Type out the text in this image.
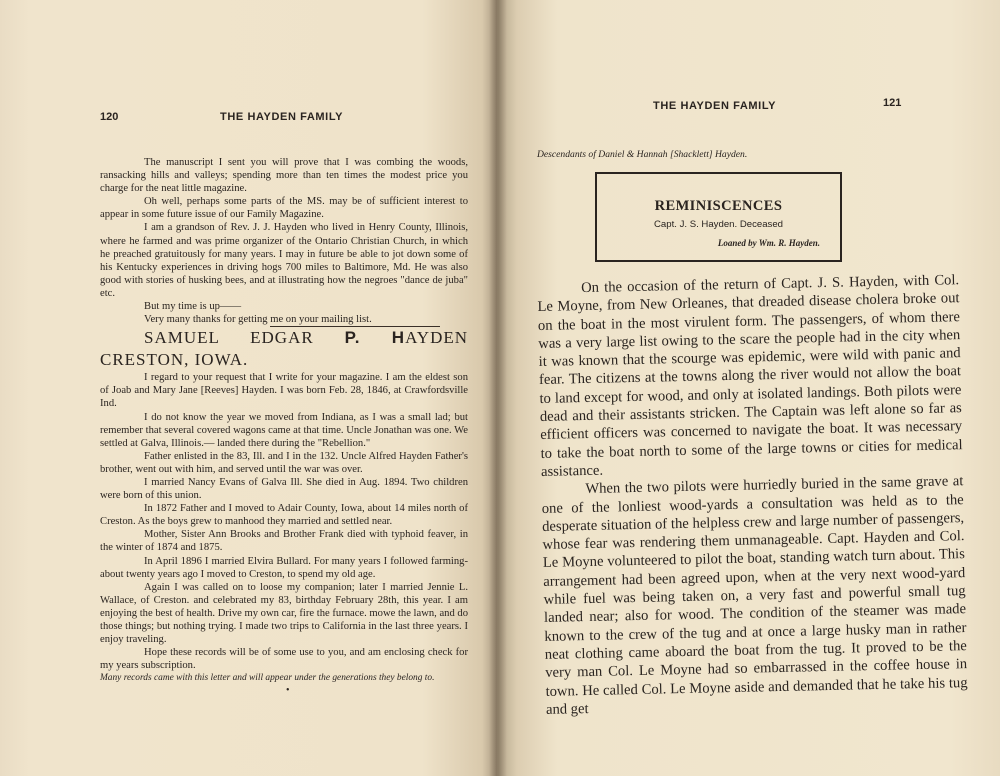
120	THE HAYDEN FAMILY

The manuscript I sent you will prove that I was combing the woods, ransacking hills and valleys; spending more than ten times the modest price you charge for the neat little magazine.

Oh well, perhaps some parts of the MS. may be of sufficient interest to appear in some future issue of our Family Magazine.

I am a grandson of Rev. J. J. Hayden who lived in Henry County, Illinois, where he farmed and was prime organizer of the Ontario Christian Church, in which he preached gratuitously for many years. I may in future be able to jot down some of his Kentucky experiences in driving hogs 700 miles to Baltimore, Md. He was also good with stories of husking bees, and at illustrating how the negroes "dance de juba" etc.

But my time is up——

Very many thanks for getting me on your mailing list.

SAMUEL EDGAR P. HAYDEN CRESTON, IOWA.

I regard to your request that I write for your magazine. I am the eldest son of Joab and Mary Jane [Reeves] Hayden. I was born Feb. 28, 1846, at Crawfordsville Ind.

I do not know the year we moved from Indiana, as I was a small lad; but remember that several covered wagons came at that time. Uncle Jonathan was one. We settled at Galva, Illinois.— landed there during the "Rebellion."

Father enlisted in the 83, Ill. and I in the 132. Uncle Alfred Hayden Father's brother, went out with him, and served until the war was over.

I married Nancy Evans of Galva Ill. She died in Aug. 1894. Two children were born of this union.

In 1872 Father and I moved to Adair County, Iowa, about 14 miles north of Creston. As the boys grew to manhood they married and settled near.

Mother, Sister Ann Brooks and Brother Frank died with typhoid feaver, in the winter of 1874 and 1875.

In April 1896 I married Elvira Bullard. For many years I followed farming- about twenty years ago I moved to Creston, to spend my old age.

Again I was called on to loose my companion; later I married Jennie L. Wallace, of Creston. and celebrated my 83, birthday February 28th, this year. I am enjoying the best of health. Drive my own car, fire the furnace. mowe the lawn, and do those things; but nothing trying. I made two trips to California in the last three years. I enjoy traveling.

Hope these records will be of some use to you, and am enclosing check for my years subscription.

Many records came with this letter and will appear under the generations they belong to.

•
THE HAYDEN FAMILY	121
Descendants of Daniel & Hannah [Shacklett] Hayden.
REMINISCENCES
Capt. J. S. Hayden. Deceased
Loaned by Wm. R. Hayden.

On the occasion of the return of Capt. J. S. Hayden, with Col. Le Moyne, from New Orleanes, that dreaded disease cholera broke out on the boat in the most virulent form. The passengers, of whom there was a very large list owing to the scare the people had in the city when it was known that the scourge was epidemic, were wild with panic and fear. The citizens at the towns along the river would not allow the boat to land except for wood, and only at isolated landings. Both pilots were dead and their assistants stricken. The Captain was left alone so far as efficient officers was concerned to navigate the boat. It was necessary to take the boat north to some of the large towns or cities for medical assistance.

When the two pilots were hurriedly buried in the same grave at one of the lonliest wood-yards a consultation was held as to the desperate situation of the helpless crew and large number of passengers, whose fear was rendering them unmanageable. Capt. Hayden and Col. Le Moyne volunteered to pilot the boat, standing watch turn about. This arrangement had been agreed upon, when at the very next wood-yard while fuel was being taken on, a very fast and powerful small tug landed near; also for wood. The condition of the steamer was made known to the crew of the tug and at once a large husky man in rather neat clothing came aboard the boat from the tug. It proved to be the very man Col. Le Moyne had so embarrassed in the coffee house in town. He called Col. Le Moyne aside and demanded that he take his tug and get
